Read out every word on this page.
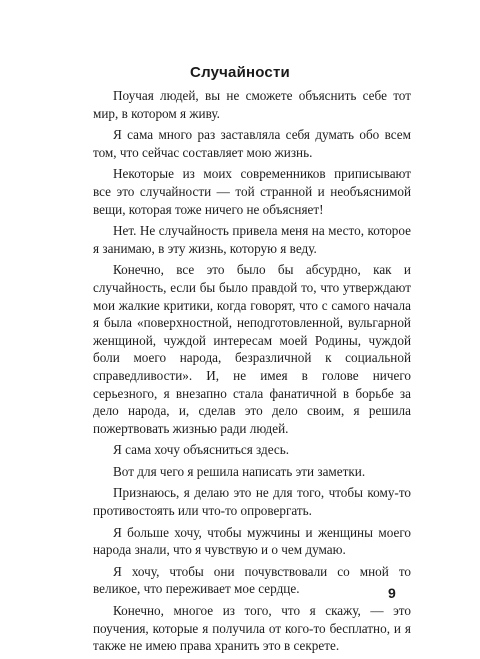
Случайности

Поучая людей, вы не сможете объяснить себе тот мир, в котором я живу.

Я сама много раз заставляла себя думать обо всем том, что сейчас составляет мою жизнь.

Некоторые из моих современников приписывают все это случайности — той странной и необъяснимой вещи, которая тоже ничего не объясняет!

Нет. Не случайность привела меня на место, которое я занимаю, в эту жизнь, которую я веду.

Конечно, все это было бы абсурдно, как и случайность, если бы было правдой то, что утверждают мои жалкие критики, когда говорят, что с самого начала я была «поверхностной, неподготовленной, вульгарной женщиной, чуждой интересам моей Родины, чуждой боли моего народа, безразличной к социальной справедливости». И, не имея в голове ничего серьезного, я внезапно стала фанатичной в борьбе за дело народа, и, сделав это дело своим, я решила пожертвовать жизнью ради людей.

Я сама хочу объясниться здесь.

Вот для чего я решила написать эти заметки.

Признаюсь, я делаю это не для того, чтобы кому-то противостоять или что-то опровергать.

Я больше хочу, чтобы мужчины и женщины моего народа знали, что я чувствую и о чем думаю.

Я хочу, чтобы они почувствовали со мной то великое, что переживает мое сердце.

Конечно, многое из того, что я скажу, — это поучения, которые я получила от кого-то бесплатно, и я также не имею права хранить это в секрете.

9
